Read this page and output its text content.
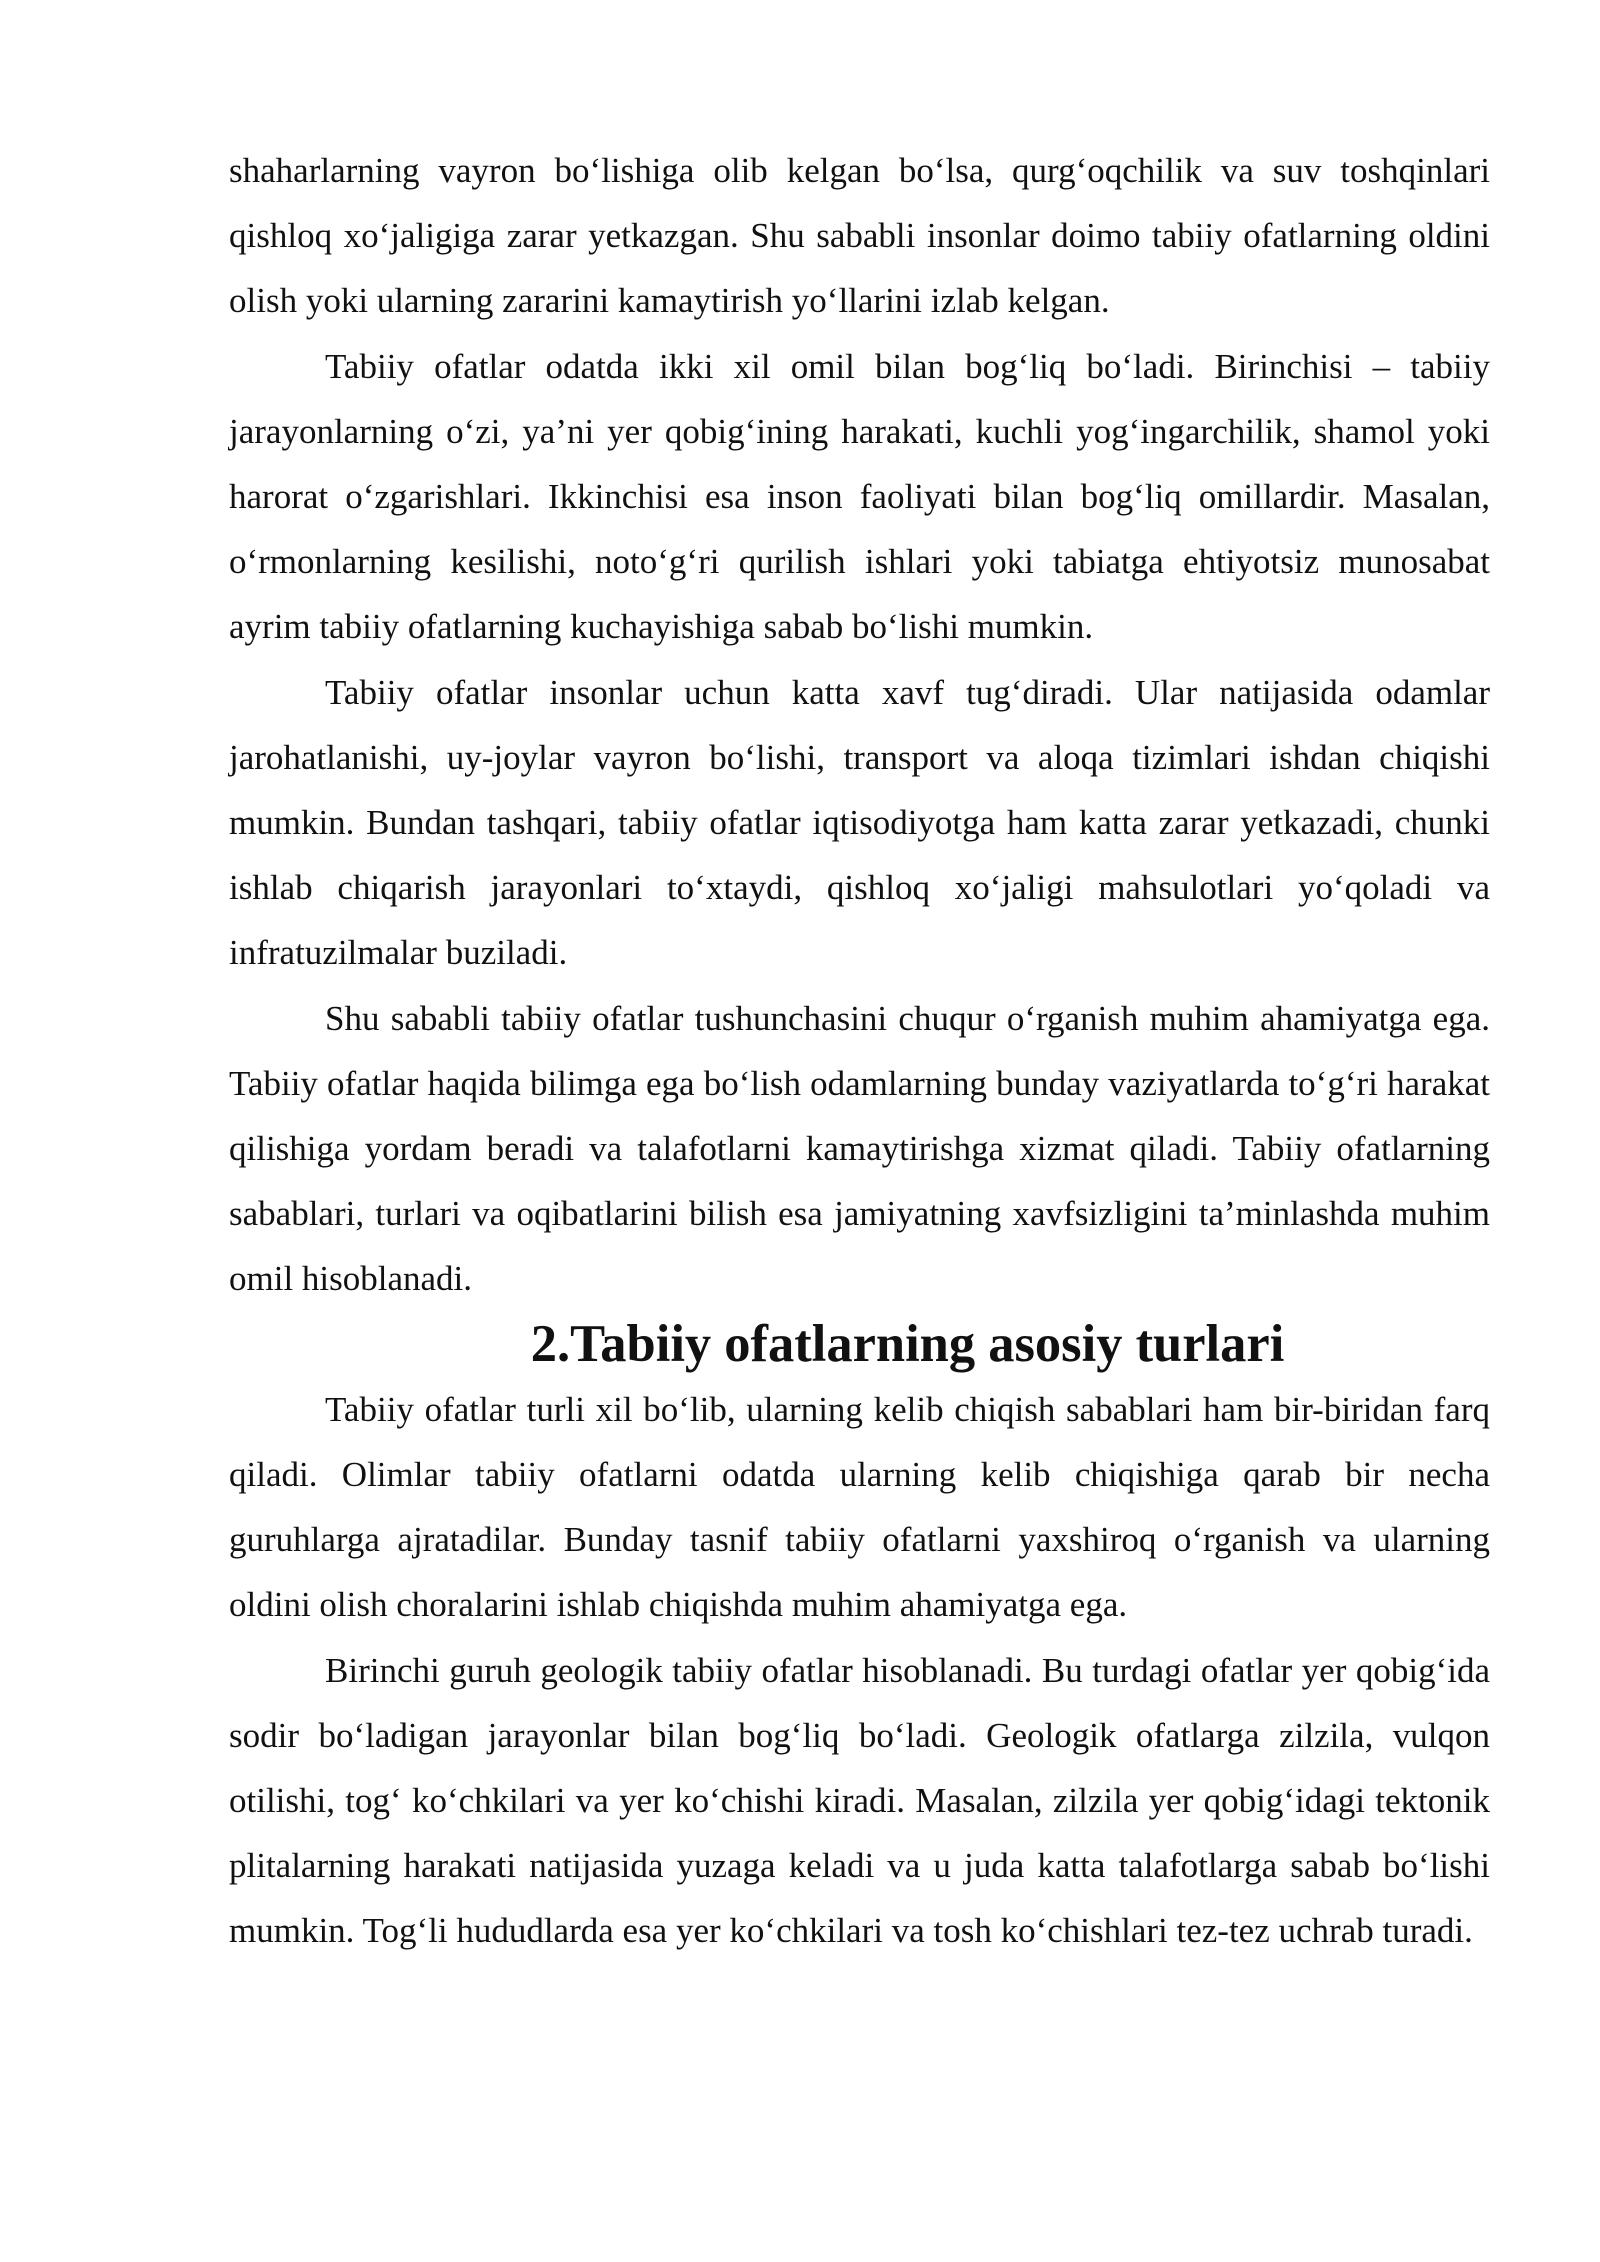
shaharlarning vayron bo‘lishiga olib kelgan bo‘lsa, qurg‘oqchilik va suv toshqinlari qishloq xo‘jaligiga zarar yetkazgan. Shu sababli insonlar doimo tabiiy ofatlarning oldini olish yoki ularning zararini kamaytirish yo‘llarini izlab kelgan.

Tabiiy ofatlar odatda ikki xil omil bilan bog‘liq bo‘ladi. Birinchisi – tabiiy jarayonlarning o‘zi, ya’ni yer qobig‘ining harakati, kuchli yog‘ingarchilik, shamol yoki harorat o‘zgarishlari. Ikkinchisi esa inson faoliyati bilan bog‘liq omillardir. Masalan, o‘rmonlarning kesilishi, noto‘g‘ri qurilish ishlari yoki tabiatga ehtiyotsiz munosabat ayrim tabiiy ofatlarning kuchayishiga sabab bo‘lishi mumkin.

Tabiiy ofatlar insonlar uchun katta xavf tug‘diradi. Ular natijasida odamlar jarohatlanishi, uy-joylar vayron bo‘lishi, transport va aloqa tizimlari ishdan chiqishi mumkin. Bundan tashqari, tabiiy ofatlar iqtisodiyotga ham katta zarar yetkazadi, chunki ishlab chiqarish jarayonlari to‘xtaydi, qishloq xo‘jaligi mahsulotlari yo‘qoladi va infratuzilmalar buziladi.

Shu sababli tabiiy ofatlar tushunchasini chuqur o‘rganish muhim ahamiyatga ega. Tabiiy ofatlar haqida bilimga ega bo‘lish odamlarning bunday vaziyatlarda to‘g‘ri harakat qilishiga yordam beradi va talafotlarni kamaytirishga xizmat qiladi. Tabiiy ofatlarning sabablari, turlari va oqibatlarini bilish esa jamiyatning xavfsizligini ta’minlashda muhim omil hisoblanadi.

2.Tabiiy ofatlarning asosiy turlari

Tabiiy ofatlar turli xil bo‘lib, ularning kelib chiqish sabablari ham bir-biridan farq qiladi. Olimlar tabiiy ofatlarni odatda ularning kelib chiqishiga qarab bir necha guruhlarga ajratadilar. Bunday tasnif tabiiy ofatlarni yaxshiroq o‘rganish va ularning oldini olish choralarini ishlab chiqishda muhim ahamiyatga ega.

Birinchi guruh geologik tabiiy ofatlar hisoblanadi. Bu turdagi ofatlar yer qobig‘ida sodir bo‘ladigan jarayonlar bilan bog‘liq bo‘ladi. Geologik ofatlarga zilzila, vulqon otilishi, tog‘ ko‘chkilari va yer ko‘chishi kiradi. Masalan, zilzila yer qobig‘idagi tektonik plitalarning harakati natijasida yuzaga keladi va u juda katta talafotlarga sabab bo‘lishi mumkin. Tog‘li hududlarda esa yer ko‘chkilari va tosh ko‘chishlari tez-tez uchrab turadi.
